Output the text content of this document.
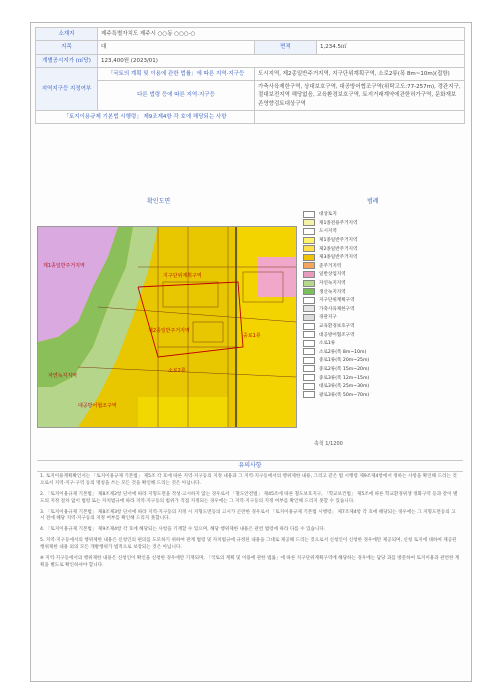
소재지	제주특별자치도 제주시 ○○동 ○○○-○		
지목	대	면적	1,234.5㎡
개별공시지가 (㎡당)	123,400원 (2023/01)		
지역지구등 지정여부	「국토의 계획 및 이용에 관한 법률」에 따른 지역·지구등	도시지역, 제2종일반주거지역, 지구단위계획구역, 소로2류(폭 8m~10m)(접함)	
	다른 법령 등에 따른 지역·지구등	가축사육제한구역, 상대보호구역, 대공방어협조구역(위탁고도:77-257m), 경관지구, 절대보전지역 해당없음, 교육환경보호구역, 토지거래계약에관한허가구역, 문화재보존영향검토대상구역	
「토지이용규제 기본법 시행령」 제9조제4항 각 호에 해당되는 사항			
확인도면	범례
제1종일반주거지역
제2종일반주거지역
지구단위계획구역
소로2류
중로1류
자연녹지지역
대공방어협조구역
대상토지
제1종전용주거지역
도시지역
제1종일반주거지역
제2종일반주거지역
제3종일반주거지역
준주거지역
일반상업지역
자연녹지지역
생산녹지지역
지구단위계획구역
가축사육제한구역
경관지구
교육환경보호구역
대공방어협조구역
소로1류
소로2류(폭 8m~10m)
중로1류(폭 20m~25m)
중로2류(폭 15m~20m)
중로3류(폭 12m~15m)
대로3류(폭 25m~30m)
광로3류(폭 50m~70m)
축척 1/1200
유의사항

1. 토지이용계획확인서는 「토지이용규제 기본법」 제5조 각 호에 따른 지역·지구등의 지정 내용과 그 지역·지구등에서의 행위제한 내용, 그리고 같은 법 시행령 제9조제4항에서 정하는 사항을 확인해 드리는 것으로서 지역·지구·구역 등의 명칭을 쓰는 모든 것을 확인해 드리는 것은 아닙니다.

2. 「토지이용규제 기본법」 제8조제2항 단서에 따라 지형도면을 작성·고시하지 않는 경우로서 「철도안전법」 제45조에 따른 철도보호지구, 「학교보건법」 제5조에 따른 학교환경위생 정화구역 등과 같이 별도의 지정 절차 없이 법령 또는 자치법규에 따라 지역·지구등의 범위가 직접 지정되는 경우에는 그 지역·지구등의 지정 여부를 확인해 드리지 못할 수 있습니다.

3. 「토지이용규제 기본법」 제8조제3항 단서에 따라 지역·지구등의 지정 시 지형도면등의 고시가 곤란한 경우로서 「토지이용규제 기본법 시행령」 제7조제4항 각 호에 해당되는 경우에는 그 지형도면등의 고시 전에 해당 지역·지구등의 지정 여부를 확인해 드리지 못합니다.

4. 「토지이용규제 기본법」 제9조제4항 각 호에 해당되는 사항을 기재할 수 있으며, 해당 행위제한 내용은 관련 법령에 따라 다를 수 있습니다.

5. 지역·지구등에서의 행위제한 내용은 신청인의 편의를 도모하기 위하여 관계 법령 및 자치법규에 규정된 내용을 그대로 제공해 드리는 것으로서 신청인이 신청한 경우에만 제공되며, 신청 토지에 대하여 제공된 행위제한 내용 외의 모든 개발행위가 법적으로 보장되는 것은 아닙니다.

※ 지역·지구등에서의 행위제한 내용은 신청인이 확인을 신청한 경우에만 기재되며, 「국토의 계획 및 이용에 관한 법률」에 따른 지구단위계획구역에 해당하는 경우에는 담당 과를 방문하여 토지이용과 관련한 계획을 별도로 확인하셔야 합니다.
